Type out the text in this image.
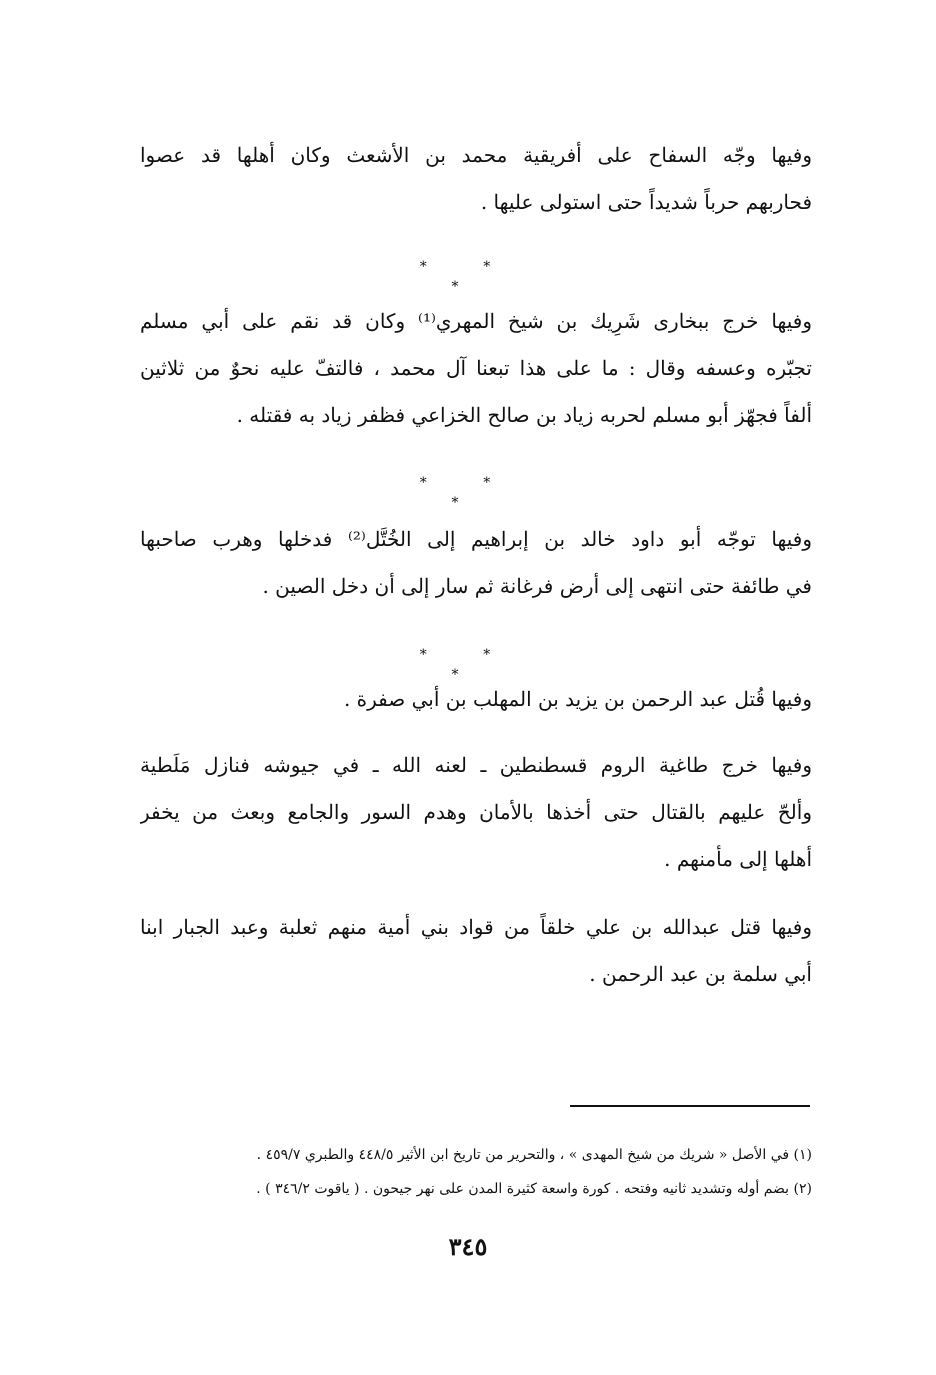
وفيها وجّه السفاح على أفريقية محمد بن الأشعث وكان أهلها قد عصوا
فحاربهم حرباً شديداً حتى استولى عليها .
* * *
وفيها خرج ببخارى شَرِيك بن شيخ المهري⁽¹⁾ وكان قد نقم على أبي مسلم
تجبّره وعسفه وقال : ما على هذا تبعنا آل محمد ، فالتفّ عليه نحوٌ من ثلاثين
ألفاً فجهّز أبو مسلم لحربه زياد بن صالح الخزاعي فظفر زياد به فقتله .
* * *
وفيها توجّه أبو داود خالد بن إبراهيم إلى الخُتَّل⁽²⁾ فدخلها وهرب صاحبها
في طائفة حتى انتهى إلى أرض فرغانة ثم سار إلى أن دخل الصين .
* * *
وفيها قُتل عبد الرحمن بن يزيد بن المهلب بن أبي صفرة .
وفيها خرج طاغية الروم قسطنطين ـ لعنه الله ـ في جيوشه فنازل مَلَطية
وألحّ عليهم بالقتال حتى أخذها بالأمان وهدم السور والجامع وبعث من يخفر
أهلها إلى مأمنهم .
وفيها قتل عبدالله بن علي خلقاً من قواد بني أمية منهم ثعلبة وعبد الجبار ابنا
أبي سلمة بن عبد الرحمن .
(١) في الأصل « شريك من شيخ المهدى » ، والتحرير من تاريخ ابن الأثير ٤٤٨/٥ والطبري ٤٥٩/٧ .
(٢) بضم أوله وتشديد ثانيه وفتحه . كورة واسعة كثيرة المدن على نهر جيحون . ( ياقوت ٣٤٦/٢ ) .
٣٤٥
